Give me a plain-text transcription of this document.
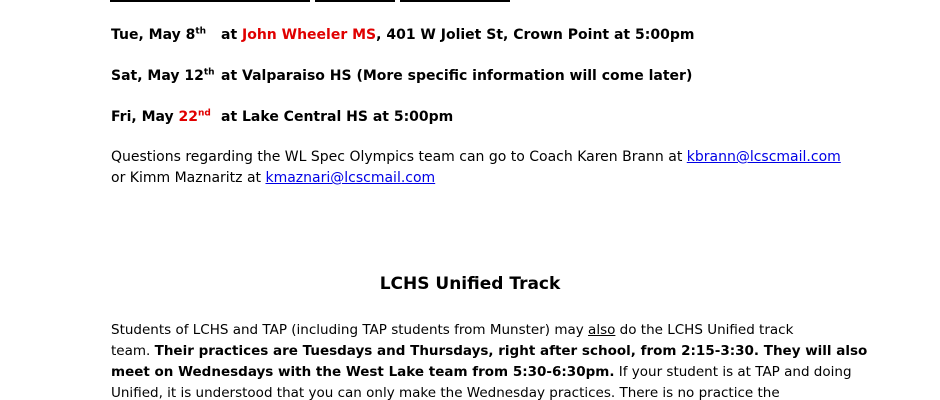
Tue, May 8th at John Wheeler MS, 401 W Joliet St, Crown Point at 5:00pm
Sat, May 12th at Valparaiso HS (More specific information will come later)
Fri, May 22nd at Lake Central HS at 5:00pm
Questions regarding the WL Spec Olympics team can go to Coach Karen Brann at kbrann@lcscmail.com
or Kimm Maznaritz at kmaznari@lcscmail.com
LCHS Unified Track
Students of LCHS and TAP (including TAP students from Munster) may also do the LCHS Unified track
team. Their practices are Tuesdays and Thursdays, right after school, from 2:15-3:30. They will also
meet on Wednesdays with the West Lake team from 5:30-6:30pm. If your student is at TAP and doing
Unified, it is understood that you can only make the Wednesday practices. There is no practice the
